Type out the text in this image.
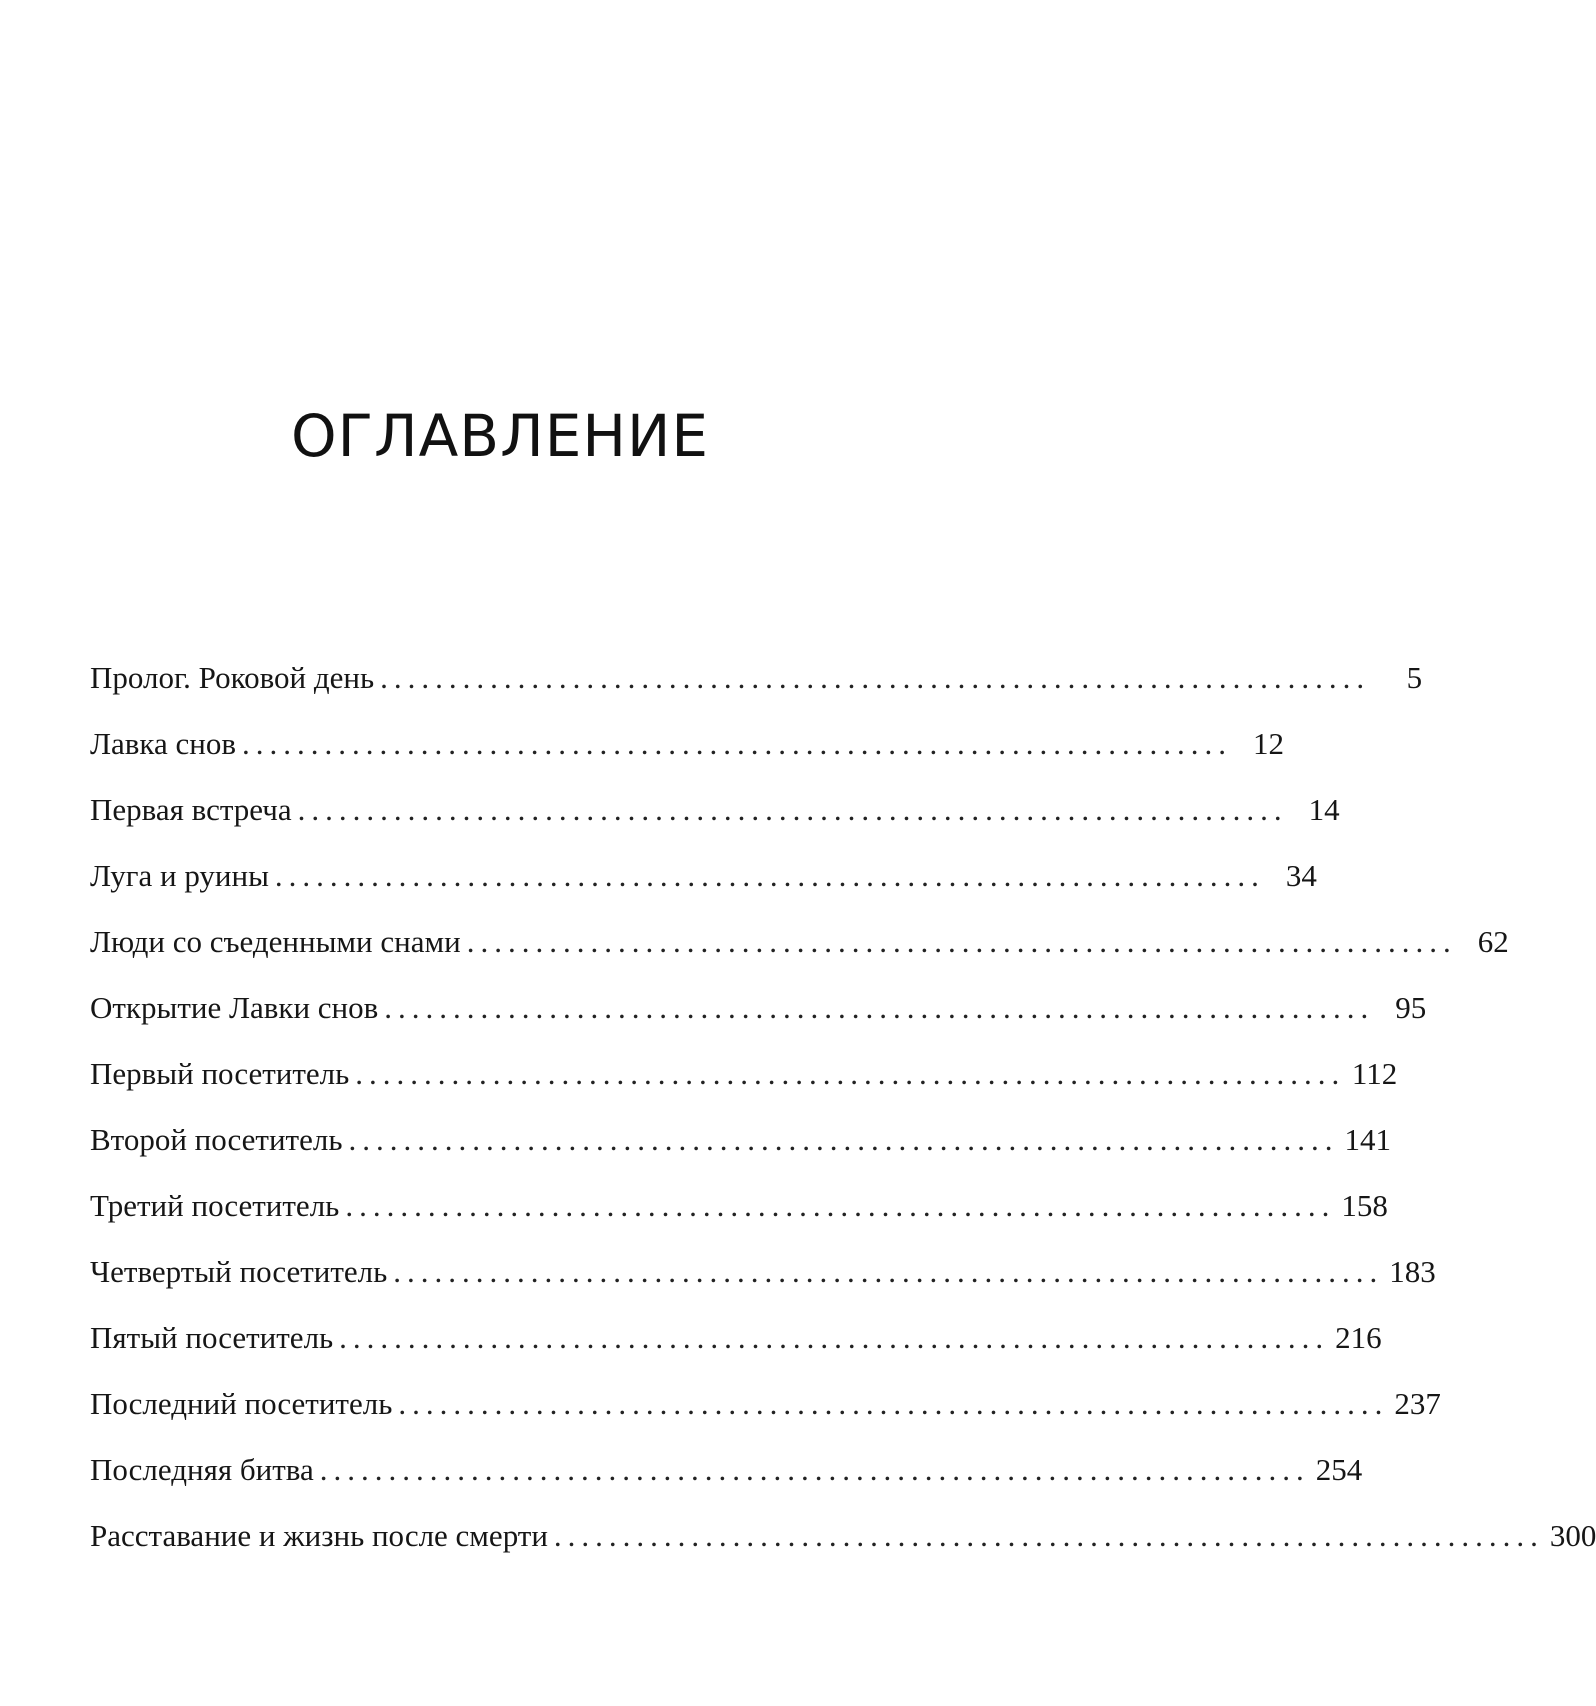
ОГЛАВЛЕНИЕ
Пролог. Роковой день ........................................................................	5
Лавка снов ........................................................................ 12
Первая встреча ........................................................................ 14
Луга и руины ........................................................................ 34
Люди со съеденными снами ........................................................................ 62
Открытие Лавки снов ........................................................................ 95
Первый посетитель ........................................................................ 112
Второй посетитель ........................................................................ 141
Третий посетитель ........................................................................ 158
Четвертый посетитель ........................................................................ 183
Пятый посетитель ........................................................................ 216
Последний посетитель ........................................................................ 237
Последняя битва ........................................................................ 254
Расставание и жизнь после смерти ........................................................................ 300
